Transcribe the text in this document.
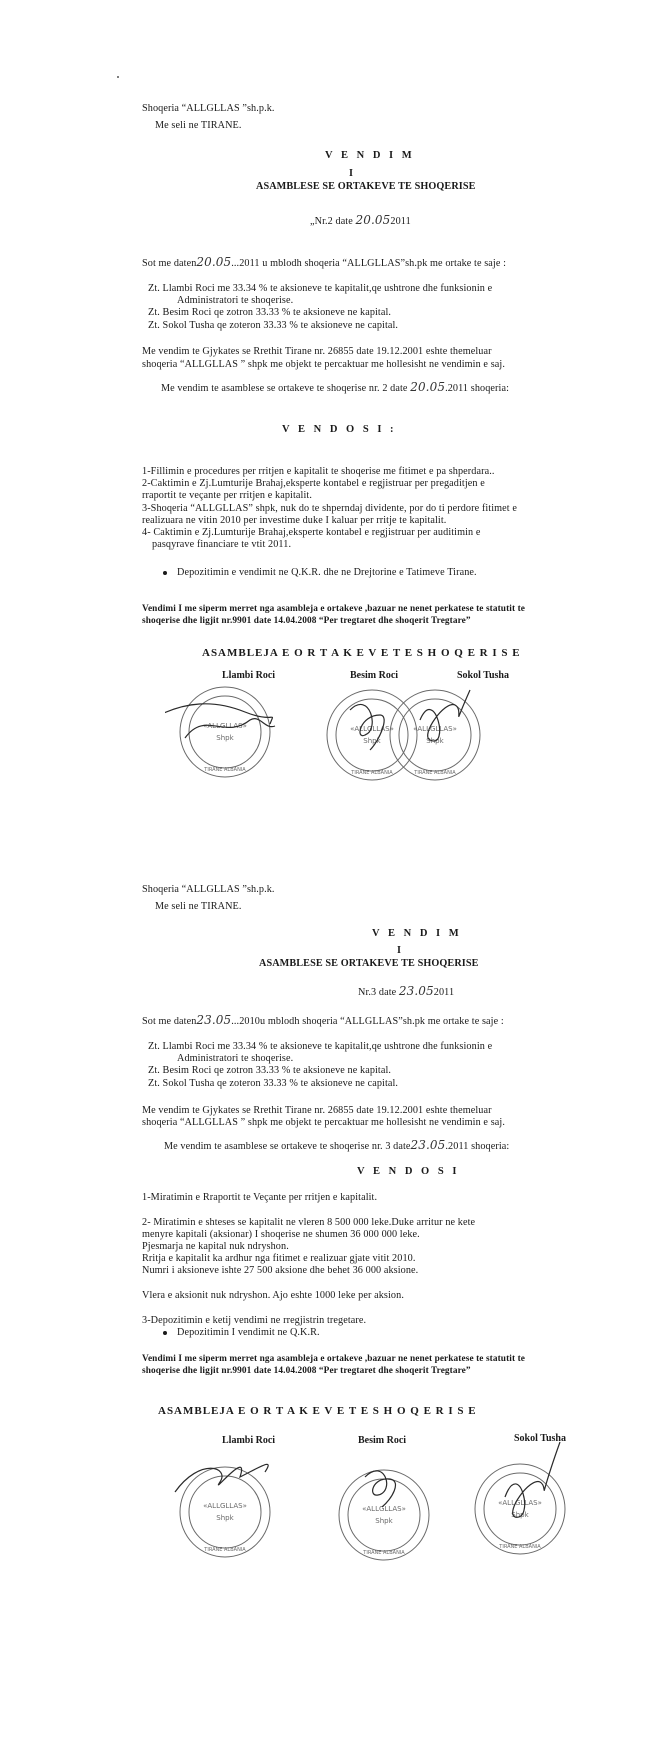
Shoqeria “ALLGLLAS ”sh.p.k.
Me seli ne TIRANE.
V E N D I M
I
ASAMBLESE SE ORTAKEVE TE SHOQERISE
„Nr.2 date 20.052011
Sot me daten20.05...2011 u mblodh shoqeria “ALLGLLAS”sh.pk me ortake te saje :
Zt. Llambi Roci me 33.34 % te aksioneve te kapitalit,qe ushtrone dhe funksionin e
Administratori te shoqerise.
Zt. Besim Roci qe zotron 33.33 % te aksioneve ne kapital.
Zt. Sokol Tusha qe zoteron 33.33 % te aksioneve ne capital.
Me vendim te Gjykates se Rrethit Tirane nr. 26855 date 19.12.2001 eshte themeluar
shoqeria “ALLGLLAS ” shpk me objekt te percaktuar me hollesisht ne vendimin e saj.
Me vendim te asamblese se ortakeve te shoqerise nr. 2 date 20.05.2011 shoqeria:
V E N D O S I :
1-Fillimin e procedures per rritjen e kapitalit te shoqerise me fitimet e pa shperdara..
2-Caktimin e Zj.Lumturije Brahaj,eksperte kontabel e regjistruar per pregaditjen e
rraportit te veçante per rritjen e kapitalit.
3-Shoqeria “ALLGLLAS” shpk, nuk do te shperndaj dividente, por do ti perdore fitimet e
realizuara ne vitin 2010 per investime duke I kaluar per rritje te kapitalit.
4- Caktimin e Zj.Lumturije Brahaj,eksperte kontabel e regjistruar per auditimin e
pasqyrave financiare te vtit 2011.
Depozitimin e vendimit ne Q.K.R. dhe ne Drejtorine e Tatimeve Tirane.
Vendimi I me siperm merret nga asambleja e ortakeve ,bazuar ne nenet perkatese te statutit te
shoqerise dhe ligjit nr.9901 date 14.04.2008 “Per tregtaret dhe shoqerit Tregtare”
ASAMBLEJA E O R T A K E V E T E S H O Q E R I S E
Llambi Roci	Besim Roci	Sokol Tusha
«ALLGLLAS»
Shpk
TIRANE ALBANIA
«ALLGLLAS»
Shpk
TIRANE ALBANIA
«ALLGLLAS»
Shpk
TIRANE ALBANIA
Shoqeria “ALLGLLAS ”sh.p.k.
Me seli ne TIRANE.
V E N D I M
I
ASAMBLESE SE ORTAKEVE TE SHOQERISE
Nr.3 date 23.052011
Sot me daten23.05...2010u mblodh shoqeria “ALLGLLAS”sh.pk me ortake te saje :
Zt. Llambi Roci me 33.34 % te aksioneve te kapitalit,qe ushtrone dhe funksionin e
Administratori te shoqerise.
Zt. Besim Roci qe zotron 33.33 % te aksioneve ne kapital.
Zt. Sokol Tusha qe zoteron 33.33 % te aksioneve ne capital.
Me vendim te Gjykates se Rrethit Tirane nr. 26855 date 19.12.2001 eshte themeluar
shoqeria “ALLGLLAS ” shpk me objekt te percaktuar me hollesisht ne vendimin e saj.
Me vendim te asamblese se ortakeve te shoqerise nr. 3 date23.05.2011 shoqeria:
V E N D O S I
1-Miratimin e Rraportit te Veçante per rritjen e kapitalit.
2- Miratimin e shteses se kapitalit ne vleren 8 500 000 leke.Duke arritur ne kete
menyre kapitali (aksionar) I shoqerise ne shumen 36 000 000 leke.
Pjesmarja ne kapital nuk ndryshon.
Rritja e kapitalit ka ardhur nga fitimet e realizuar gjate vitit 2010.
Numri i aksioneve ishte 27 500 aksione dhe behet 36 000 aksione.
Vlera e aksionit nuk ndryshon. Ajo eshte 1000 leke per aksion.
3-Depozitimin e ketij vendimi ne rregjistrin tregetare.
Depozitimin I vendimit ne Q.K.R.
Vendimi I me siperm merret nga asambleja e ortakeve ,bazuar ne nenet perkatese te statutit te
shoqerise dhe ligjit nr.9901 date 14.04.2008 “Per tregtaret dhe shoqerit Tregtare”
ASAMBLEJA E O R T A K E V E T E S H O Q E R I S E
Llambi Roci	Besim Roci	Sokol Tusha
«ALLGLLAS»
Shpk
TIRANE ALBANIA
«ALLGLLAS»
Shpk
TIRANE ALBANIA
«ALLGLLAS»
Shpk
TIRANE ALBANIA
